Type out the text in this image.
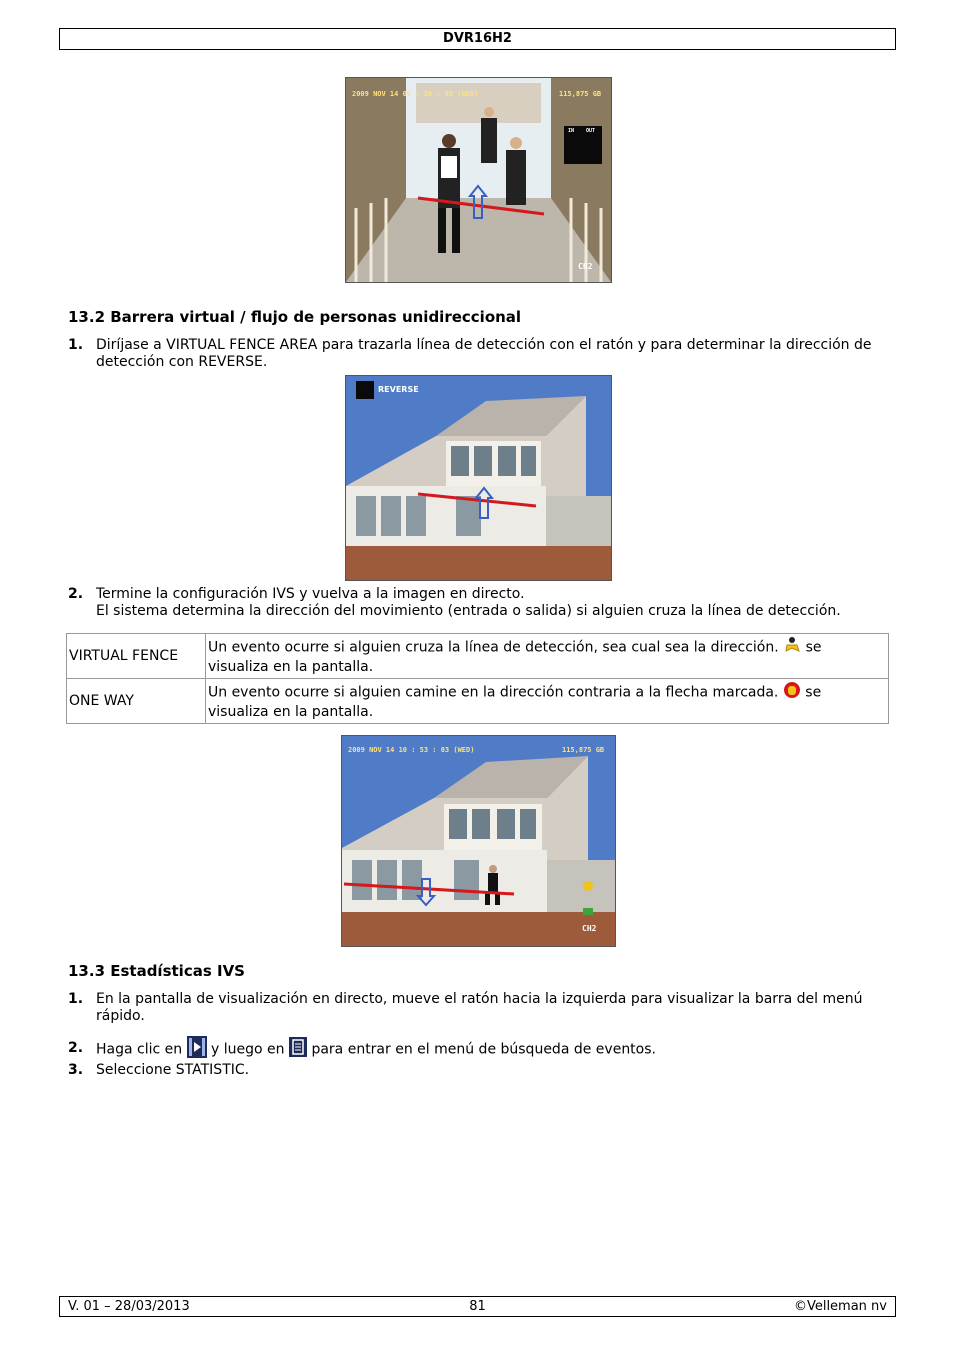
DVR16H2
2009 NOV 14 05 : 30 : 03 (WED)	115,875 GB
IN OUT
CH2
13.2 Barrera virtual / flujo de personas unidireccional
1. Diríjase a VIRTUAL FENCE AREA para trazarla línea de detección con el ratón y para determinar la dirección de detección con REVERSE.
REVERSE
2. Termine la configuración IVS y vuelva a la imagen en directo.
El sistema determina la dirección del movimiento (entrada o salida) si alguien cruza la línea de detección.
VIRTUAL FENCE	Un evento ocurre si alguien cruza la línea de detección, sea cual sea la dirección. se visualiza en la pantalla.
ONE WAY	Un evento ocurre si alguien camine en la dirección contraria a la flecha marcada. se visualiza en la pantalla.
2009 NOV 14 10 : 53 : 03 (WED)	115,875 GB
CH2
13.3 Estadísticas IVS
1. En la pantalla de visualización en directo, mueve el ratón hacia la izquierda para visualizar la barra del menú rápido.
2. Haga clic en y luego en para entrar en el menú de búsqueda de eventos.
3. Seleccione STATISTIC.
V. 01 – 28/03/2013	81	©Velleman nv
